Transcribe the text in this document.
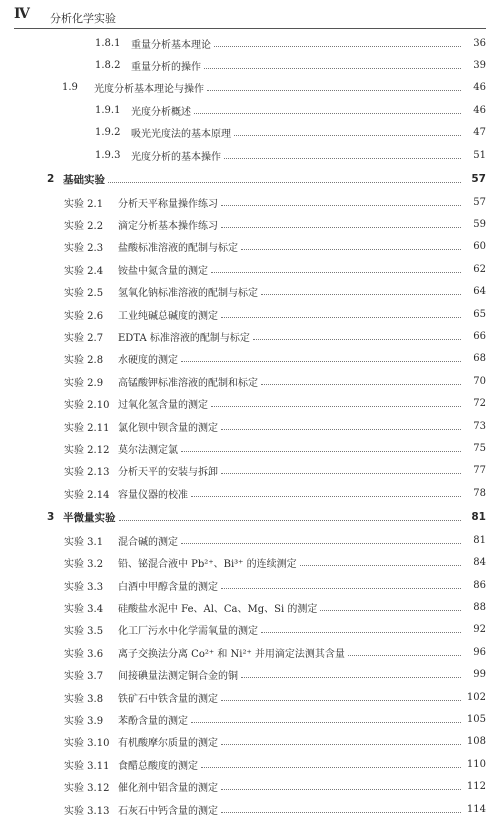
Ⅳ 分析化学实验
1.8.1	重量分析基本理论	36
1.8.2	重量分析的操作	39
1.9	光度分析基本理论与操作	46
1.9.1	光度分析概述	46
1.9.2	吸光光度法的基本原理	47
1.9.3	光度分析的基本操作	51
2 基础实验	57
实验 2.1	分析天平称量操作练习	57
实验 2.2	滴定分析基本操作练习	59
实验 2.3	盐酸标准溶液的配制与标定	60
实验 2.4	铵盐中氮含量的测定	62
实验 2.5	氢氧化钠标准溶液的配制与标定	64
实验 2.6	工业纯碱总碱度的测定	65
实验 2.7	EDTA 标准溶液的配制与标定	66
实验 2.8	水硬度的测定	68
实验 2.9	高锰酸钾标准溶液的配制和标定	70
实验 2.10 过氧化氢含量的测定	72
实验 2.11 氯化钡中钡含量的测定	73
实验 2.12 莫尔法测定氯	75
实验 2.13 分析天平的安装与拆卸	77
实验 2.14 容量仪器的校准	78
3 半微量实验	81
实验 3.1	混合碱的测定	81
实验 3.2	铅、铋混合液中 Pb²⁺、Bi³⁺ 的连续测定	84
实验 3.3	白酒中甲醇含量的测定	86
实验 3.4	硅酸盐水泥中 Fe、Al、Ca、Mg、Si 的测定	88
实验 3.5	化工厂污水中化学需氧量的测定	92
实验 3.6	离子交换法分离 Co²⁺ 和 Ni²⁺ 并用滴定法测其含量	96
实验 3.7	间接碘量法测定铜合金的铜	99
实验 3.8	铁矿石中铁含量的测定	102
实验 3.9	苯酚含量的测定	105
实验 3.10 有机酸摩尔质量的测定	108
实验 3.11 食醋总酸度的测定	110
实验 3.12 催化剂中铝含量的测定	112
实验 3.13 石灰石中钙含量的测定	114
